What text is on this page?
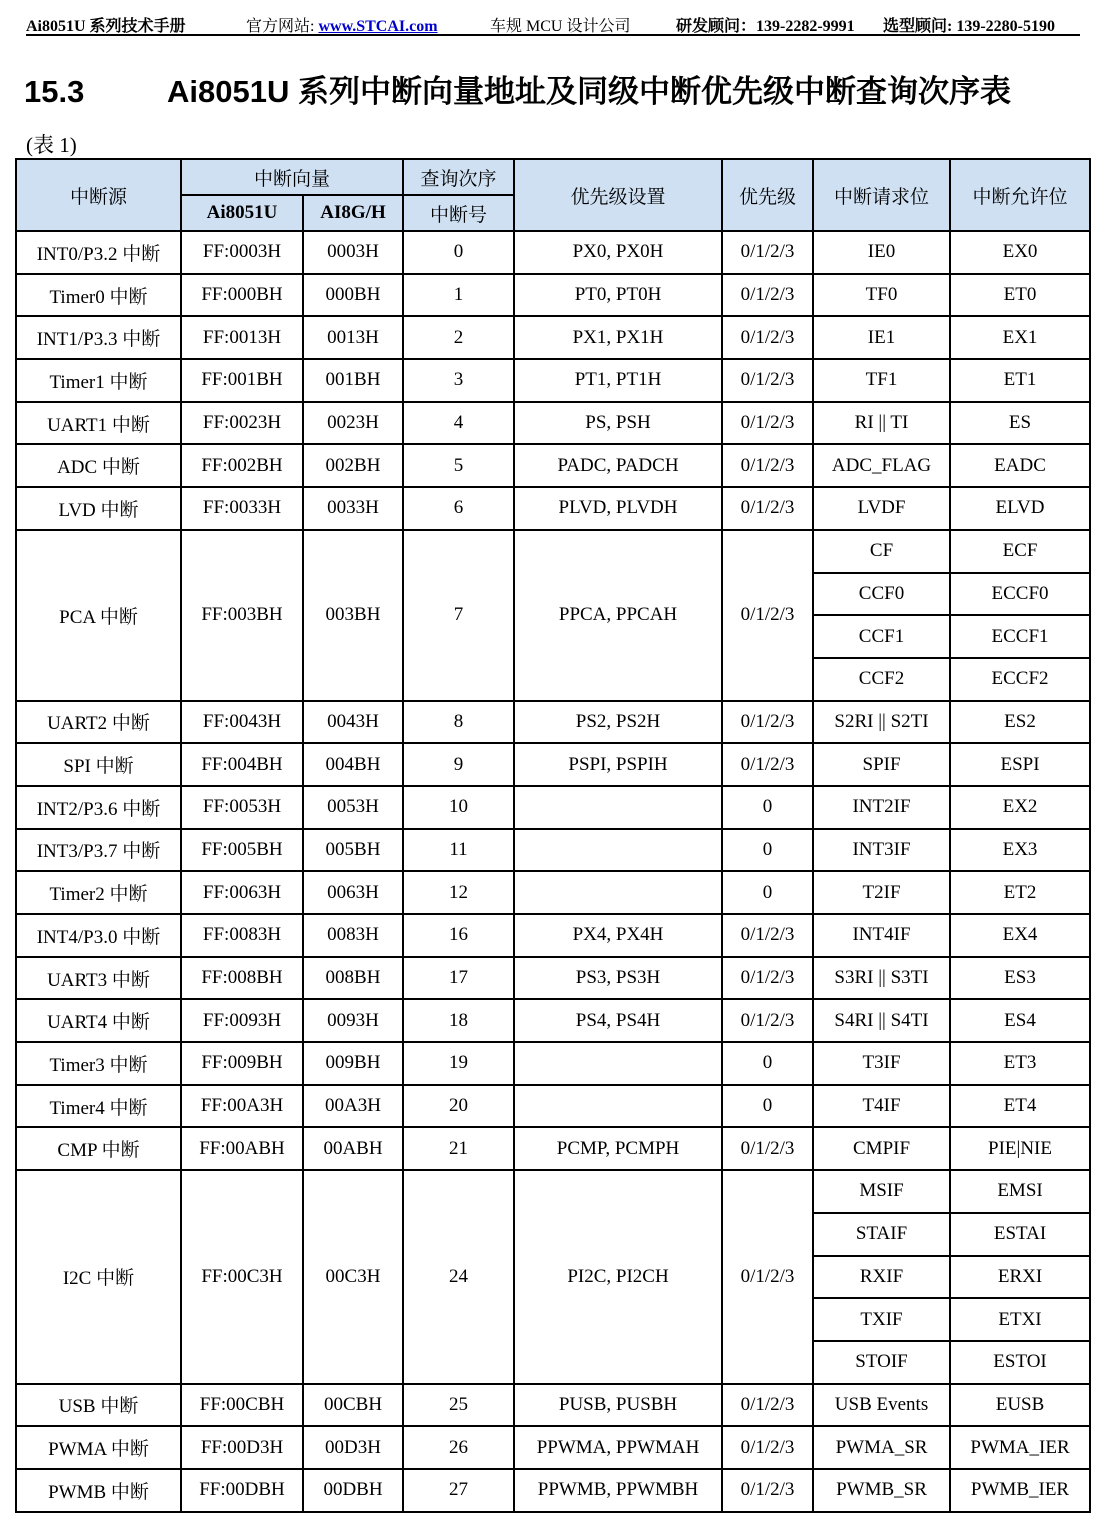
Ai8051U 系列技术手册	官方网站: www.STCAI.com	车规 MCU 设计公司	研发顾问：139-2282-9991 选型顾问: 139-2280-5190
15.3	Ai8051U 系列中断向量地址及同级中断优先级中断查询次序表
(表 1)
中断源	中断向量		查询次序	优先级设置	优先级	中断请求位	中断允许位
	Ai8051U	AI8G/H	中断号				
INT0/P3.2 中断	FF:0003H	0003H	0	PX0, PX0H	0/1/2/3	IE0	EX0
Timer0 中断	FF:000BH	000BH	1	PT0, PT0H	0/1/2/3	TF0	ET0
INT1/P3.3 中断	FF:0013H	0013H	2	PX1, PX1H	0/1/2/3	IE1	EX1
Timer1 中断	FF:001BH	001BH	3	PT1, PT1H	0/1/2/3	TF1	ET1
UART1 中断	FF:0023H	0023H	4	PS, PSH	0/1/2/3	RI || TI	ES
ADC 中断	FF:002BH	002BH	5	PADC, PADCH	0/1/2/3	ADC_FLAG	EADC
LVD 中断	FF:0033H	0033H	6	PLVD, PLVDH	0/1/2/3	LVDF	ELVD
PCA 中断	FF:003BH	003BH	7	PPCA, PPCAH	0/1/2/3	CF	ECF
						CCF0	ECCF0
						CCF1	ECCF1
						CCF2	ECCF2
UART2 中断	FF:0043H	0043H	8	PS2, PS2H	0/1/2/3	S2RI || S2TI	ES2
SPI 中断	FF:004BH	004BH	9	PSPI, PSPIH	0/1/2/3	SPIF	ESPI
INT2/P3.6 中断	FF:0053H	0053H	10		0	INT2IF	EX2
INT3/P3.7 中断	FF:005BH	005BH	11		0	INT3IF	EX3
Timer2 中断	FF:0063H	0063H	12		0	T2IF	ET2
INT4/P3.0 中断	FF:0083H	0083H	16	PX4, PX4H	0/1/2/3	INT4IF	EX4
UART3 中断	FF:008BH	008BH	17	PS3, PS3H	0/1/2/3	S3RI || S3TI	ES3
UART4 中断	FF:0093H	0093H	18	PS4, PS4H	0/1/2/3	S4RI || S4TI	ES4
Timer3 中断	FF:009BH	009BH	19		0	T3IF	ET3
Timer4 中断	FF:00A3H	00A3H	20		0	T4IF	ET4
CMP 中断	FF:00ABH	00ABH	21	PCMP, PCMPH	0/1/2/3	CMPIF	PIE|NIE
I2C 中断	FF:00C3H	00C3H	24	PI2C, PI2CH	0/1/2/3	MSIF	EMSI
						STAIF	ESTAI
						RXIF	ERXI
						TXIF	ETXI
						STOIF	ESTOI
USB 中断	FF:00CBH	00CBH	25	PUSB, PUSBH	0/1/2/3	USB Events	EUSB
PWMA 中断	FF:00D3H	00D3H	26	PPWMA, PPWMAH	0/1/2/3	PWMA_SR	PWMA_IER
PWMB 中断	FF:00DBH	00DBH	27	PPWMB, PPWMBH	0/1/2/3	PWMB_SR	PWMB_IER
